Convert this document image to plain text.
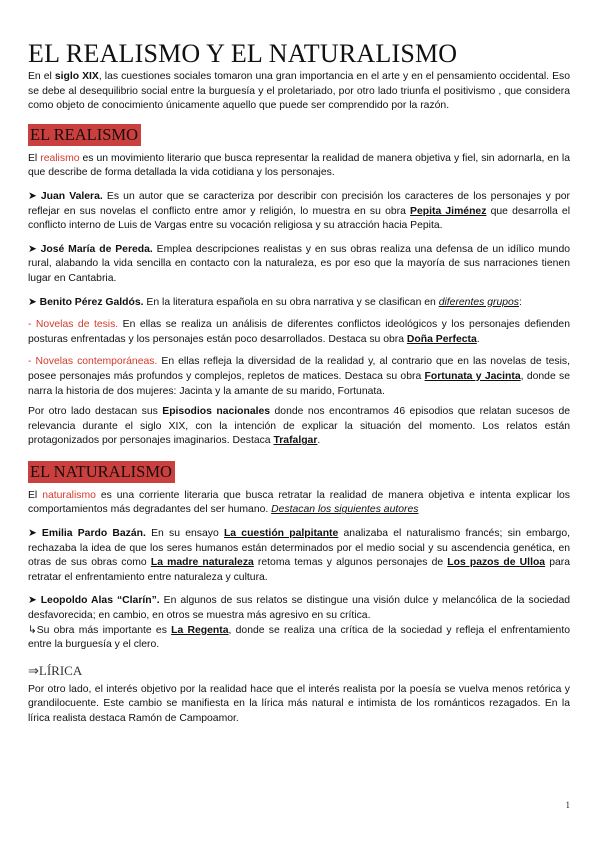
EL REALISMO Y EL NATURALISMO

En el siglo XIX, las cuestiones sociales tomaron una gran importancia en el arte y en el pensamiento occidental. Eso se debe al desequilibrio social entre la burguesía y el proletariado, por otro lado triunfa el positivismo , que considera como objeto de conocimiento únicamente aquello que puede ser comprendido por la razón.

EL REALISMO

El realismo es un movimiento literario que busca representar la realidad de manera objetiva y fiel, sin adornarla, en la que describe de forma detallada la vida cotidiana y los personajes.

➤ Juan Valera. Es un autor que se caracteriza por describir con precisión los caracteres de los personajes y por reflejar en sus novelas el conflicto entre amor y religión, lo muestra en su obra Pepita Jiménez que desarrolla el conflicto interno de Luis de Vargas entre su vocación religiosa y su atracción hacia Pepita.

➤ José María de Pereda. Emplea descripciones realistas y en sus obras realiza una defensa de un idílico mundo rural, alabando la vida sencilla en contacto con la naturaleza, es por eso que la mayoría de sus narraciones tienen lugar en Cantabria.

➤ Benito Pérez Galdós. En la literatura española en su obra narrativa y se clasifican en diferentes grupos:

- Novelas de tesis. En ellas se realiza un análisis de diferentes conflictos ideológicos y los personajes defienden posturas enfrentadas y los personajes están poco desarrollados. Destaca su obra Doña Perfecta.

- Novelas contemporáneas. En ellas refleja la diversidad de la realidad y, al contrario que en las novelas de tesis, posee personajes más profundos y complejos, repletos de matices. Destaca su obra Fortunata y Jacinta, donde se narra la historia de dos mujeres: Jacinta y la amante de su marido, Fortunata.

Por otro lado destacan sus Episodios nacionales donde nos encontramos 46 episodios que relatan sucesos de relevancia durante el siglo XIX, con la intención de explicar la situación del momento. Los relatos están protagonizados por personajes imaginarios. Destaca Trafalgar.

EL NATURALISMO

El naturalismo es una corriente literaria que busca retratar la realidad de manera objetiva e intenta explicar los comportamientos más degradantes del ser humano. Destacan los siguientes autores

➤ Emilia Pardo Bazán. En su ensayo La cuestión palpitante analizaba el naturalismo francés; sin embargo, rechazaba la idea de que los seres humanos están determinados por el medio social y su ascendencia genética, en otras de sus obras como La madre naturaleza retoma temas y algunos personajes de Los pazos de Ulloa para retratar el enfrentamiento entre naturaleza y cultura.

➤ Leopoldo Alas “Clarín”. En algunos de sus relatos se distingue una visión dulce y melancólica de la sociedad desfavorecida; en cambio, en otros se muestra más agresivo en su crítica.

↳Su obra más importante es La Regenta, donde se realiza una crítica de la sociedad y refleja el enfrentamiento entre la burguesía y el clero.

⇒LÍRICA

Por otro lado, el interés objetivo por la realidad hace que el interés realista por la poesía se vuelva menos retórica y grandilocuente. Este cambio se manifiesta en la lírica más natural e intimista de los románticos rezagados. En la lírica realista destaca Ramón de Campoamor.

1
